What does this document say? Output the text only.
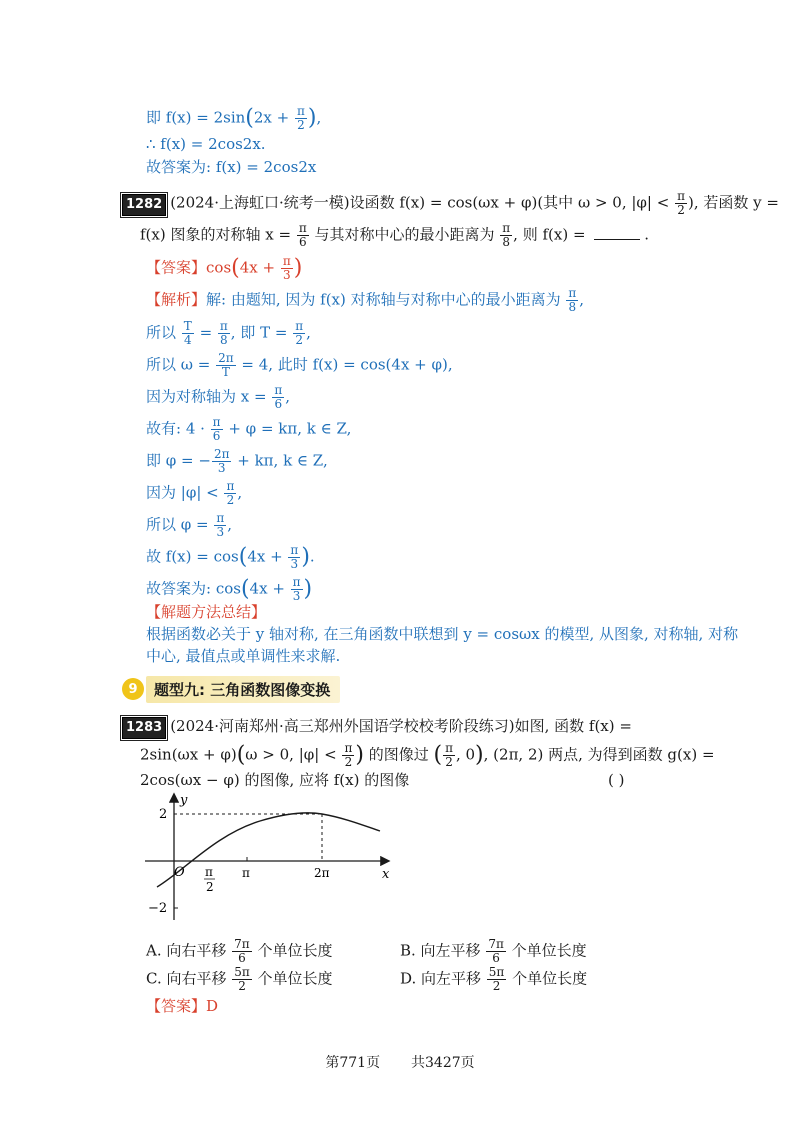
即 $f(x) = 2\sin(2x + \frac{\pi}{2}$ ),
∴ f(x) = 2cos2x.
故答案为: f(x) = 2cos2x
1282 (2024·上海虹口·统考一模)设函数 f(x) = cos(ωx + φ)(其中 ω > 0, $|\varphi| < \frac{\pi}{2}$ ), 若函数 y =
f(x) 图象的对称轴 $x = \frac{\pi}{6}$ 与其对称中心的最小距离为 $\frac{\pi}{8}$ , 则 f(x) =	.
【答案】$\cos(4x + \frac{\pi}{3}$ )
【解析】解: 由题知, 因为 f(x) 对称轴与对称中心的最小距离为 $\frac{\pi}{8}$ ,
所以 $\frac{T}{4} = \frac{\pi}{8}$ , 即 $T = \frac{\pi}{2}$ ,
所以 $\omega = \frac{2\pi}{T} = 4$, 此时 f(x) = cos(4x + φ),
因为对称轴为 $x = \frac{\pi}{6}$ ,
故有: $4 \cdot \frac{\pi}{6} + \varphi = k\pi$, k ∈ Z,
即 φ = − $\frac{2\pi}{3} + k\pi$, k ∈ Z,
因为 $|\varphi| < \frac{\pi}{2}$ ,
所以 $\varphi = \frac{\pi}{3}$ ,
故 $f(x) = \cos(4x + \frac{\pi}{3}$ ).
故答案为: $\cos(4x + \frac{\pi}{3}$ )
【解题方法总结】
根据函数必关于 y 轴对称, 在三角函数中联想到 y = cosωx 的模型, 从图象, 对称轴, 对称
中心, 最值点或单调性来求解.
9	题型九: 三角函数图像变换
1283 (2024·河南郑州·高三郑州外国语学校校考阶段练习)如图, 函数 f(x) =
2sin(ωx + φ)(ω > 0, $|\varphi| < \frac{\pi}{2}$ ) 的图像过 ( $\frac{\pi}{2}$ , 0), (2π, 2) 两点, 为得到函数 g(x) =
2cos(ωx − φ) 的图像, 应将 f(x) 的图像	( )
y
x
O
2
−2
π
2
π	2π
A. 向右平移 $\frac{7\pi}{6}$ 个单位长度	B. 向左平移 $\frac{7\pi}{6}$ 个单位长度
C. 向右平移 $\frac{5\pi}{2}$ 个单位长度	D. 向左平移 $\frac{5\pi}{2}$ 个单位长度
【答案】D
第771页 共3427页
